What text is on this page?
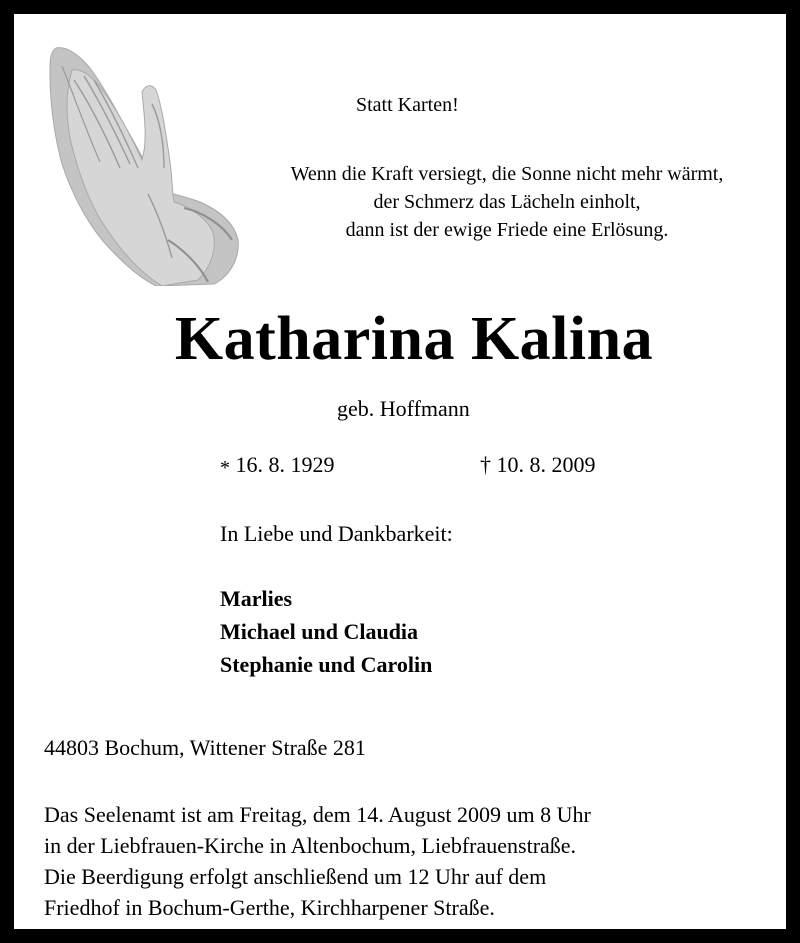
Statt Karten!
Wenn die Kraft versiegt, die Sonne nicht mehr wärmt,
der Schmerz das Lächeln einholt,
dann ist der ewige Friede eine Erlösung.
Katharina Kalina
geb. Hoffmann
* 16. 8. 1929	† 10. 8. 2009
In Liebe und Dankbarkeit:
Marlies
Michael und Claudia
Stephanie und Carolin
44803 Bochum, Wittener Straße 281
Das Seelenamt ist am Freitag, dem 14. August 2009 um 8 Uhr
in der Liebfrauen-Kirche in Altenbochum, Liebfrauenstraße.
Die Beerdigung erfolgt anschließend um 12 Uhr auf dem
Friedhof in Bochum-Gerthe, Kirchharpener Straße.
